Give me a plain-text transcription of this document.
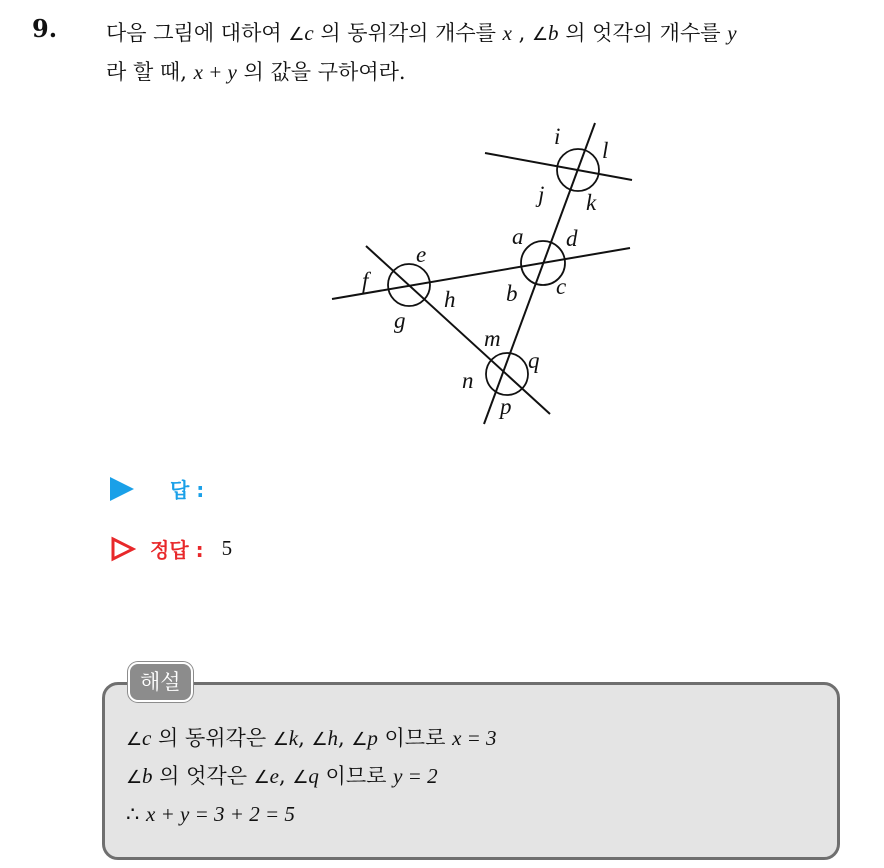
9. 다음 그림에 대하여 ∠c 의 동위각의 개수를 x , ∠b 의 엇각의 개수를 y
라 할 때, x + y 의 값을 구하여라.
i
l
j k
a d
b c
e
f
g
h
m
q
n
p
답 :
정답 : 5
해설
∠c 의 동위각은 ∠k, ∠h, ∠p 이므로 x = 3
∠b 의 엇각은 ∠e, ∠q 이므로 y = 2
∴ x + y = 3 + 2 = 5
